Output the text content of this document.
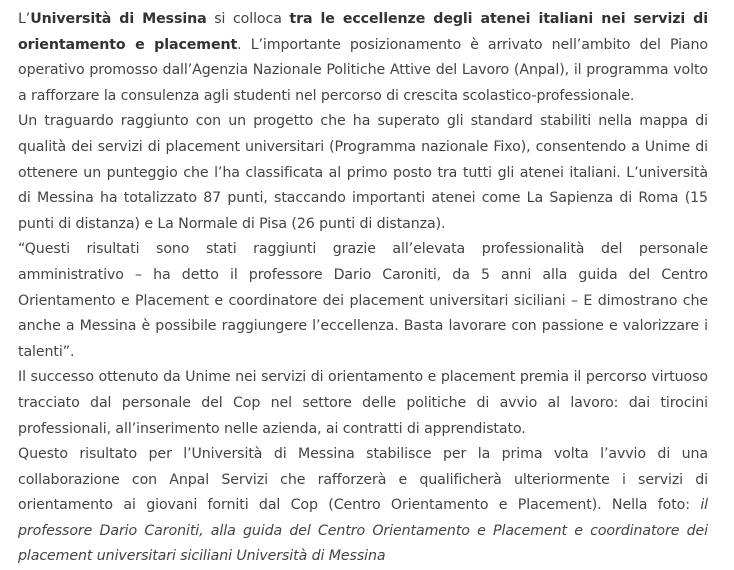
L’Università di Messina si colloca tra le eccellenze degli atenei italiani nei servizi di orientamento e placement. L’importante posizionamento è arrivato nell’ambito del Piano operativo promosso dall’Agenzia Nazionale Politiche Attive del Lavoro (Anpal), il programma volto a rafforzare la consulenza agli studenti nel percorso di crescita scolastico-professionale.

Un traguardo raggiunto con un progetto che ha superato gli standard stabiliti nella mappa di qualità dei servizi di placement universitari (Programma nazionale Fixo), consentendo a Unime di ottenere un punteggio che l’ha classificata al primo posto tra tutti gli atenei italiani. L’università di Messina ha totalizzato 87 punti, staccando importanti atenei come La Sapienza di Roma (15 punti di distanza) e La Normale di Pisa (26 punti di distanza).

“Questi risultati sono stati raggiunti grazie all’elevata professionalità del personale amministrativo – ha detto il professore Dario Caroniti, da 5 anni alla guida del Centro Orientamento e Placement e coordinatore dei placement universitari siciliani – E dimostrano che anche a Messina è possibile raggiungere l’eccellenza. Basta lavorare con passione e valorizzare i talenti”.

Il successo ottenuto da Unime nei servizi di orientamento e placement premia il percorso virtuoso tracciato dal personale del Cop nel settore delle politiche di avvio al lavoro: dai tirocini professionali, all’inserimento nelle azienda, ai contratti di apprendistato.

Questo risultato per l’Università di Messina stabilisce per la prima volta l’avvio di una collaborazione con Anpal Servizi che rafforzerà e qualificherà ulteriormente i servizi di orientamento ai giovani forniti dal Cop (Centro Orientamento e Placement). Nella foto: il professore Dario Caroniti, alla guida del Centro Orientamento e Placement e coordinatore dei placement universitari siciliani Università di Messina
